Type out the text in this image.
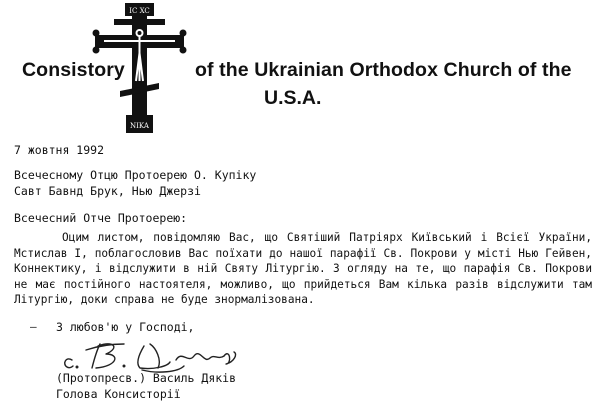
Consistory	of the Ukrainian Orthodox Church of the
U.S.A.
IC XC
NIKA
7 жовтня 1992
Всечесному Отцю Протоерею О. Купіку
Савт Бавнд Брук, Нью Джерзі
Всечесний Отче Протоерею:

Оцим листом, повідомляю Вас, що Святіший Патріярх Київський і Всієї України, Мстислав І, поблагословив Вас поїхати до нашої парафії Св. Покрови у місті Нью Гейвен, Коннектику, і відслужити в ній Святу Літургію. З огляду на те, що парафія Св. Покрови не має постійного настоятеля, можливо, що прийдеться Вам кілька разів відслужити там Літургію, доки справа не буде знормалізована.

– З любов'ю у Господі,
(Протопресв.) Василь Дяків
Голова Консисторії
